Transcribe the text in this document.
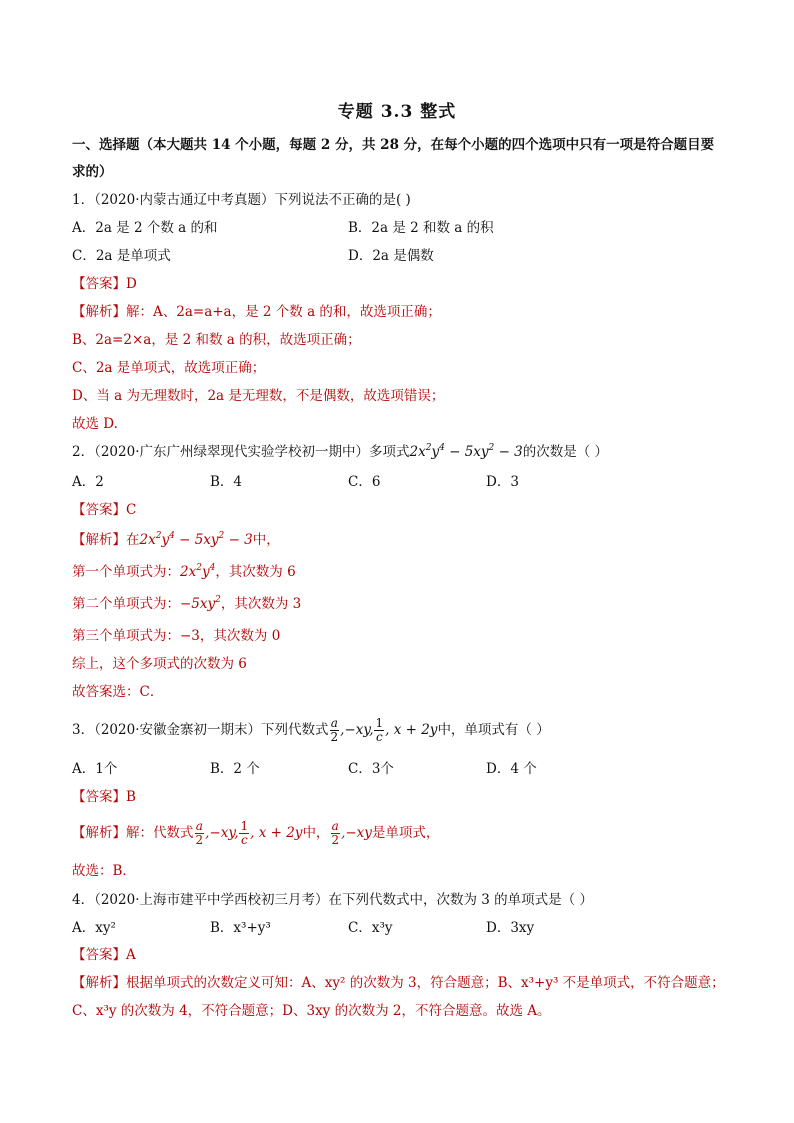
专题 3.3 整式
一、选择题（本大题共 14 个小题，每题 2 分，共 28 分，在每个小题的四个选项中只有一项是符合题目要
求的）
1．（2020·内蒙古通辽中考真题）下列说法不正确的是( )
A．2a 是 2 个数 a 的和	B．2a 是 2 和数 a 的积
C．2a 是单项式	D．2a 是偶数
【答案】D
【解析】解：A、2a=a+a，是 2 个数 a 的和，故选项正确；
B、2a=2×a，是 2 和数 a 的积，故选项正确；
C、2a 是单项式，故选项正确；
D、当 a 为无理数时，2a 是无理数，不是偶数，故选项错误；
故选 D.
2．（2020·广东广州绿翠现代实验学校初一期中）多项式$2x^2y^4 - 5xy^2 - 3$的次数是（ ）
A．2	B．4	C．6	D．3
【答案】C
【解析】在$2x^2y^4 - 5xy^2 - 3$中，
第一个单项式为：$2x^2y^4$，其次数为 6
第二个单项式为：$-5xy^2$，其次数为 3
第三个单项式为：−3，其次数为 0
综上，这个多项式的次数为 6
故答案选：C．
3．（2020·安徽金寨初一期末）下列代数式 $\frac{a}{2} ,-xy$, $\frac{1}{c}$ , x + 2y中，单项式有（ ）
A．1个	B．2 个	C．3个	D．4 个
【答案】B
【解析】解：代数式 $\frac{a}{2} ,-xy$, $\frac{1}{c}$ , x + 2y中， $\frac{a}{2} ,-xy$是单项式，
故选：B．
4．（2020·上海市建平中学西校初三月考）在下列代数式中，次数为 3 的单项式是（ ）
A．xy²	B．x³+y³	C．x³y	D．3xy
【答案】A
【解析】根据单项式的次数定义可知：A、xy² 的次数为 3，符合题意；B、x³+y³ 不是单项式，不符合题意；
C、x³y 的次数为 4，不符合题意；D、3xy 的次数为 2，不符合题意。故选 A。
